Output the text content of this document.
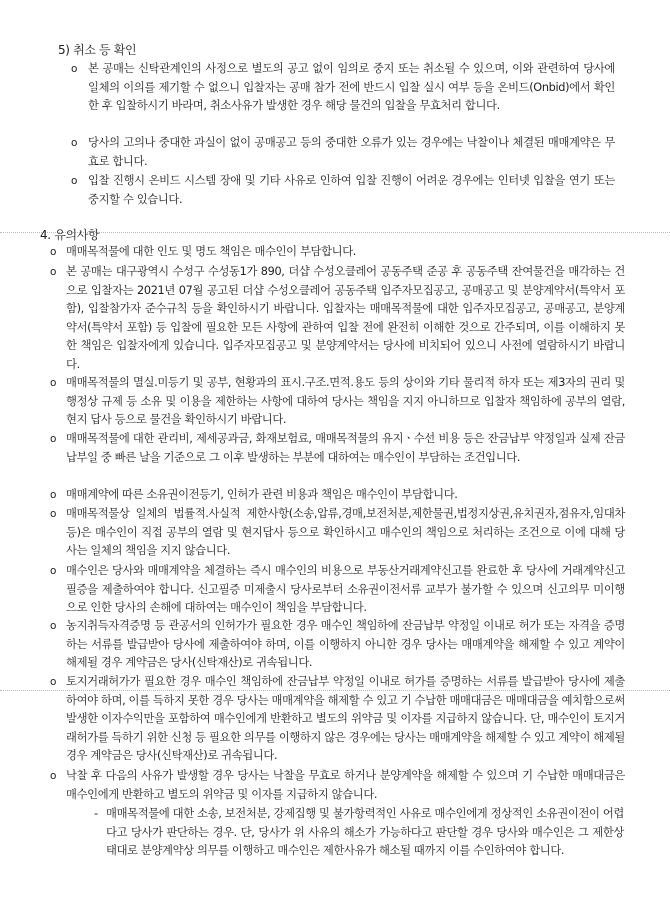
5) 취소 등 확인

o 본 공매는 신탁관계인의 사정으로 별도의 공고 없이 임의로 중지 또는 취소될 수 있으며, 이와 관련하여 당사에 일체의 이의를 제기할 수 없으니 입찰자는 공매 참가 전에 반드시 입찰 실시 여부 등을 온비드(Onbid)에서 확인한 후 입찰하시기 바라며, 취소사유가 발생한 경우 해당 물건의 입찰을 무효처리 합니다.

o 당사의 고의나 중대한 과실이 없이 공매공고 등의 중대한 오류가 있는 경우에는 낙찰이나 체결된 매매계약은 무효로 합니다.

o 입찰 진행시 온비드 시스템 장애 및 기타 사유로 인하여 입찰 진행이 어려운 경우에는 인터넷 입찰을 연기 또는 중지할 수 있습니다.

4. 유의사항

o 매매목적물에 대한 인도 및 명도 책임은 매수인이 부담합니다.

o 본 공매는 대구광역시 수성구 수성동1가 890, 더샵 수성오클레어 공동주택 준공 후 공동주택 잔여물건을 매각하는 건으로 입찰자는 2021년 07월 공고된 더샵 수성오클레어 공동주택 입주자모집공고, 공매공고 및 분양계약서(특약서 포함), 입찰참가자 준수규칙 등을 확인하시기 바랍니다. 입찰자는 매매목적물에 대한 입주자모집공고, 공매공고, 분양계약서(특약서 포함) 등 입찰에 필요한 모든 사항에 관하여 입찰 전에 완전히 이해한 것으로 간주되며, 이를 이해하지 못한 책임은 입찰자에게 있습니다. 입주자모집공고 및 분양계약서는 당사에 비치되어 있으니 사전에 열람하시기 바랍니다.

o 매매목적물의 멸실.미등기 및 공부, 현황과의 표시.구조.면적.용도 등의 상이와 기타 물리적 하자 또는 제3자의 권리 및 행정상 규제 등 소유 및 이용을 제한하는 사항에 대하여 당사는 책임을 지지 아니하므로 입찰자 책임하에 공부의 열람, 현지 답사 등으로 물건을 확인하시기 바랍니다.

o 매매목적물에 대한 관리비, 제세공과금, 화재보험료, 매매목적물의 유지ㆍ수선 비용 등은 잔금납부 약정일과 실제 잔금납부일 중 빠른 날을 기준으로 그 이후 발생하는 부분에 대하여는 매수인이 부담하는 조건입니다.

o 매매계약에 따른 소유권이전등기, 인허가 관련 비용과 책임은 매수인이 부담합니다.

o 매매목적물상 일체의 법률적.사실적 제한사항(소송,압류,경매,보전처분,제한물권,법정지상권,유치권자,점유자,임대차 등)은 매수인이 직접 공부의 열람 및 현지답사 등으로 확인하시고 매수인의 책임으로 처리하는 조건으로 이에 대해 당사는 일체의 책임을 지지 않습니다.

o 매수인은 당사와 매매계약을 체결하는 즉시 매수인의 비용으로 부동산거래계약신고를 완료한 후 당사에 거래계약신고필증을 제출하여야 합니다. 신고필증 미제출시 당사로부터 소유권이전서류 교부가 불가할 수 있으며 신고의무 미이행으로 인한 당사의 손해에 대하여는 매수인이 책임을 부담합니다.

o 농지취득자격증명 등 관공서의 인허가가 필요한 경우 매수인 책임하에 잔금납부 약정일 이내로 허가 또는 자격을 증명하는 서류를 발급받아 당사에 제출하여야 하며, 이를 이행하지 아니한 경우 당사는 매매계약을 해제할 수 있고 계약이 해제될 경우 계약금은 당사(신탁재산)로 귀속됩니다.

o 토지거래허가가 필요한 경우 매수인 책임하에 잔금납부 약정일 이내로 허가를 증명하는 서류를 발급받아 당사에 제출하여야 하며, 이를 득하지 못한 경우 당사는 매매계약을 해제할 수 있고 기 수납한 매매대금은 매매대금을 예치함으로써 발생한 이자수익만을 포함하여 매수인에게 반환하고 별도의 위약금 및 이자를 지급하지 않습니다. 단, 매수인이 토지거래허가를 득하기 위한 신청 등 필요한 의무를 이행하지 않은 경우에는 당사는 매매계약을 해제할 수 있고 계약이 해제될 경우 계약금은 당사(신탁재산)로 귀속됩니다.

o 낙찰 후 다음의 사유가 발생할 경우 당사는 낙찰을 무효로 하거나 분양계약을 해제할 수 있으며 기 수납한 매매대금은 매수인에게 반환하고 별도의 위약금 및 이자를 지급하지 않습니다.

- 매매목적물에 대한 소송, 보전처분, 강제집행 및 불가항력적인 사유로 매수인에게 정상적인 소유권이전이 어렵다고 당사가 판단하는 경우. 단, 당사가 위 사유의 해소가 가능하다고 판단할 경우 당사와 매수인은 그 제한상태대로 분양계약상 의무를 이행하고 매수인은 제한사유가 해소될 때까지 이를 수인하여야 합니다.
